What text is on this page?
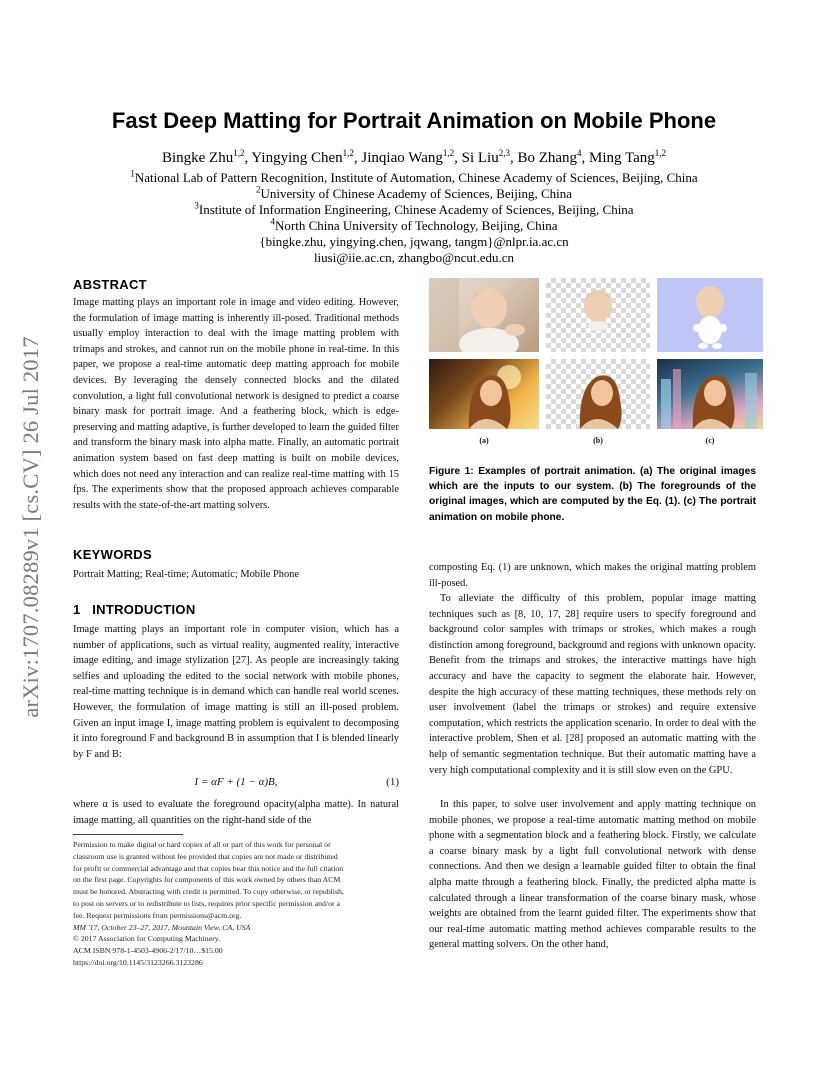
arXiv:1707.08289v1 [cs.CV] 26 Jul 2017
Fast Deep Matting for Portrait Animation on Mobile Phone
Bingke Zhu$^{1,2}$, Yingying Chen$^{1,2}$, Jinqiao Wang$^{1,2}$, Si Liu$^{2,3}$, Bo Zhang$^4$, Ming Tang$^{1,2}$
$^1$National Lab of Pattern Recognition, Institute of Automation, Chinese Academy of Sciences, Beijing, China
$^2$University of Chinese Academy of Sciences, Beijing, China
$^3$Institute of Information Engineering, Chinese Academy of Sciences, Beijing, China
$^4$North China University of Technology, Beijing, China
{bingke.zhu, yingying.chen, jqwang, tangm}@nlpr.ia.ac.cn
liusi@iie.ac.cn, zhangbo@ncut.edu.cn
ABSTRACT
Image matting plays an important role in image and video editing. However, the formulation of image matting is inherently ill-posed. Traditional methods usually employ interaction to deal with the image matting problem with trimaps and strokes, and cannot run on the mobile phone in real-time. In this paper, we propose a real-time automatic deep matting approach for mobile devices. By leveraging the densely connected blocks and the dilated convolution, a light full convolutional network is designed to predict a coarse binary mask for portrait image. And a feathering block, which is edge-preserving and matting adaptive, is further developed to learn the guided filter and transform the binary mask into alpha matte. Finally, an automatic portrait animation system based on fast deep matting is built on mobile devices, which does not need any interaction and can realize real-time matting with 15 fps. The experiments show that the proposed approach achieves comparable results with the state-of-the-art matting solvers.
KEYWORDS
Portrait Matting; Real-time; Automatic; Mobile Phone
1   INTRODUCTION
Image matting plays an important role in computer vision, which has a number of applications, such as virtual reality, augmented reality, interactive image editing, and image stylization [27]. As people are increasingly taking selfies and uploading the edited to the social network with mobile phones, real-time matting technique is in demand which can handle real world scenes. However, the formulation of image matting is still an ill-posed problem. Given an input image I, image matting problem is equivalent to decomposing it into foreground F and background B in assumption that I is blended linearly by F and B:
I = αF + (1 − α)B,	(1)
where α is used to evaluate the foreground opacity(alpha matte). In natural image matting, all quantities on the right-hand side of the
Permission to make digital or hard copies of all or part of this work for personal or
classroom use is granted without fee provided that copies are not made or distributed
for profit or commercial advantage and that copies bear this notice and the full citation
on the first page. Copyrights for components of this work owned by others than ACM
must be honored. Abstracting with credit is permitted. To copy otherwise, or republish,
to post on servers or to redistribute to lists, requires prior specific permission and/or a
fee. Request permissions from permissions@acm.org.
MM '17, October 23–27, 2017, Mountain View, CA, USA
© 2017 Association for Computing Machinery.
ACM ISBN 978-1-4503-4906-2/17/10…$15.00
https://doi.org/10.1145/3123266.3123286
(a)	(b)	(c)
Figure 1: Examples of portrait animation. (a) The original images which are the inputs to our system. (b) The foregrounds of the original images, which are computed by the Eq. (1). (c) The portrait animation on mobile phone.
composting Eq. (1) are unknown, which makes the original matting problem ill-posed.
To alleviate the difficulty of this problem, popular image matting techniques such as [8, 10, 17, 28] require users to specify foreground and background color samples with trimaps or strokes, which makes a rough distinction among foreground, background and regions with unknown opacity. Benefit from the trimaps and strokes, the interactive mattings have high accuracy and have the capacity to segment the elaborate hair. However, despite the high accuracy of these matting techniques, these methods rely on user involvement (label the trimaps or strokes) and require extensive computation, which restricts the application scenario. In order to deal with the interactive problem, Shen et al. [28] proposed an automatic matting with the help of semantic segmentation technique. But their automatic matting have a very high computational complexity and it is still slow even on the GPU.
In this paper, to solve user involvement and apply matting technique on mobile phones, we propose a real-time automatic matting method on mobile phone with a segmentation block and a feathering block. Firstly, we calculate a coarse binary mask by a light full convolutional network with dense connections. And then we design a learnable guided filter to obtain the final alpha matte through a feathering block. Finally, the predicted alpha matte is calculated through a linear transformation of the coarse binary mask, whose weights are obtained from the learnt guided filter. The experiments show that our real-time automatic matting method achieves comparable results to the general matting solvers. On the other hand,
